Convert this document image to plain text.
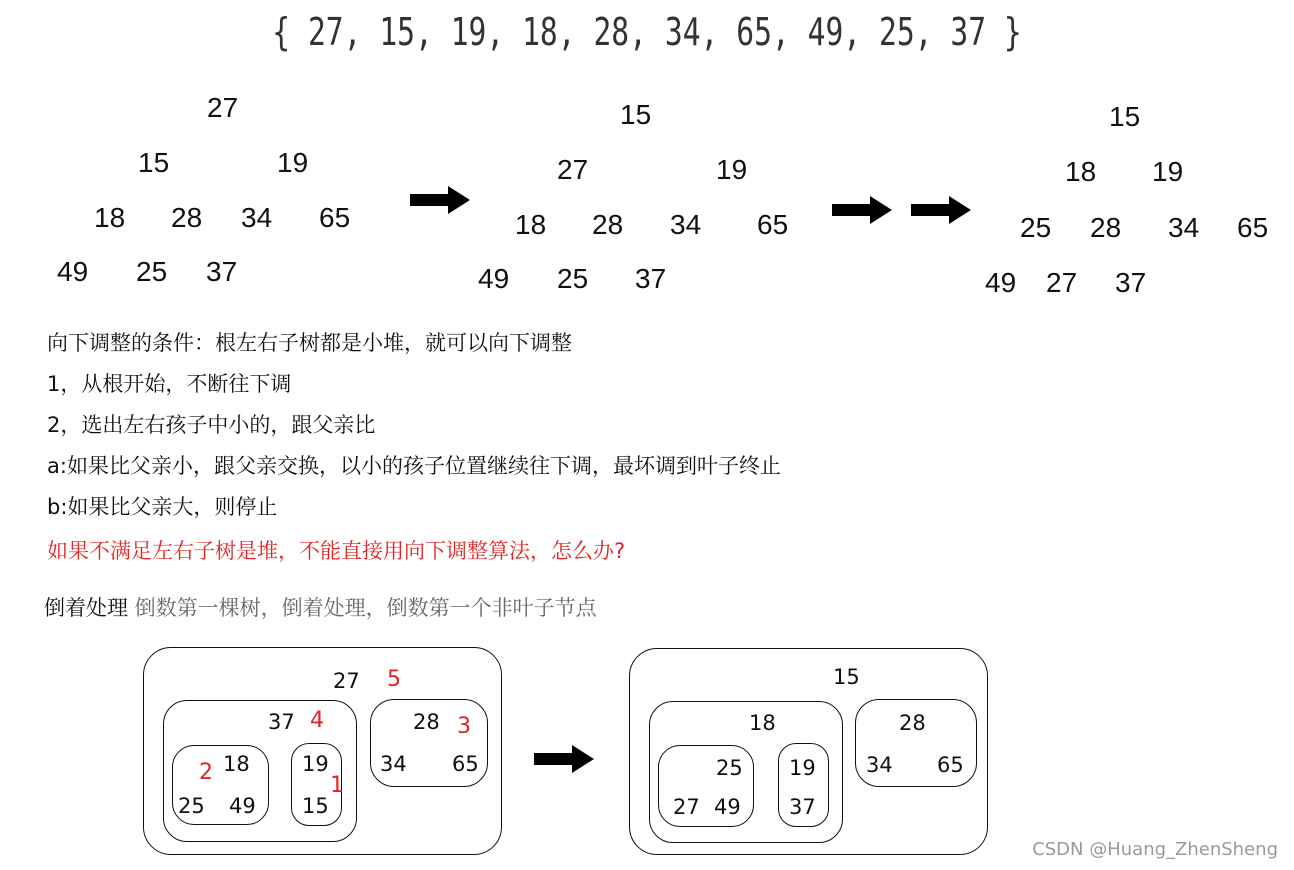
{ 27, 15, 19, 18, 28, 34, 65, 49, 25, 37 }
27
15	19
18 28 34 65
49 25 37
15
27	19
18 28 34 65
49 25 37
15
18 19
25 28 34 65
49 27 37
向下调整的条件：根左右子树都是小堆，就可以向下调整
1，从根开始，不断往下调
2，选出左右孩子中小的，跟父亲比
a:如果比父亲小，跟父亲交换，以小的孩子位置继续往下调，最坏调到叶子终止
b:如果比父亲大，则停止
如果不满足左右子树是堆，不能直接用向下调整算法，怎么办?
倒着处理 倒数第一棵树，倒着处理，倒数第一个非叶子节点
27 5
37 4	28 3
34 65
18
2
25 49
19
1
15
15
18	28
34 65
25
27 49
19
37
CSDN @Huang_ZhenSheng
